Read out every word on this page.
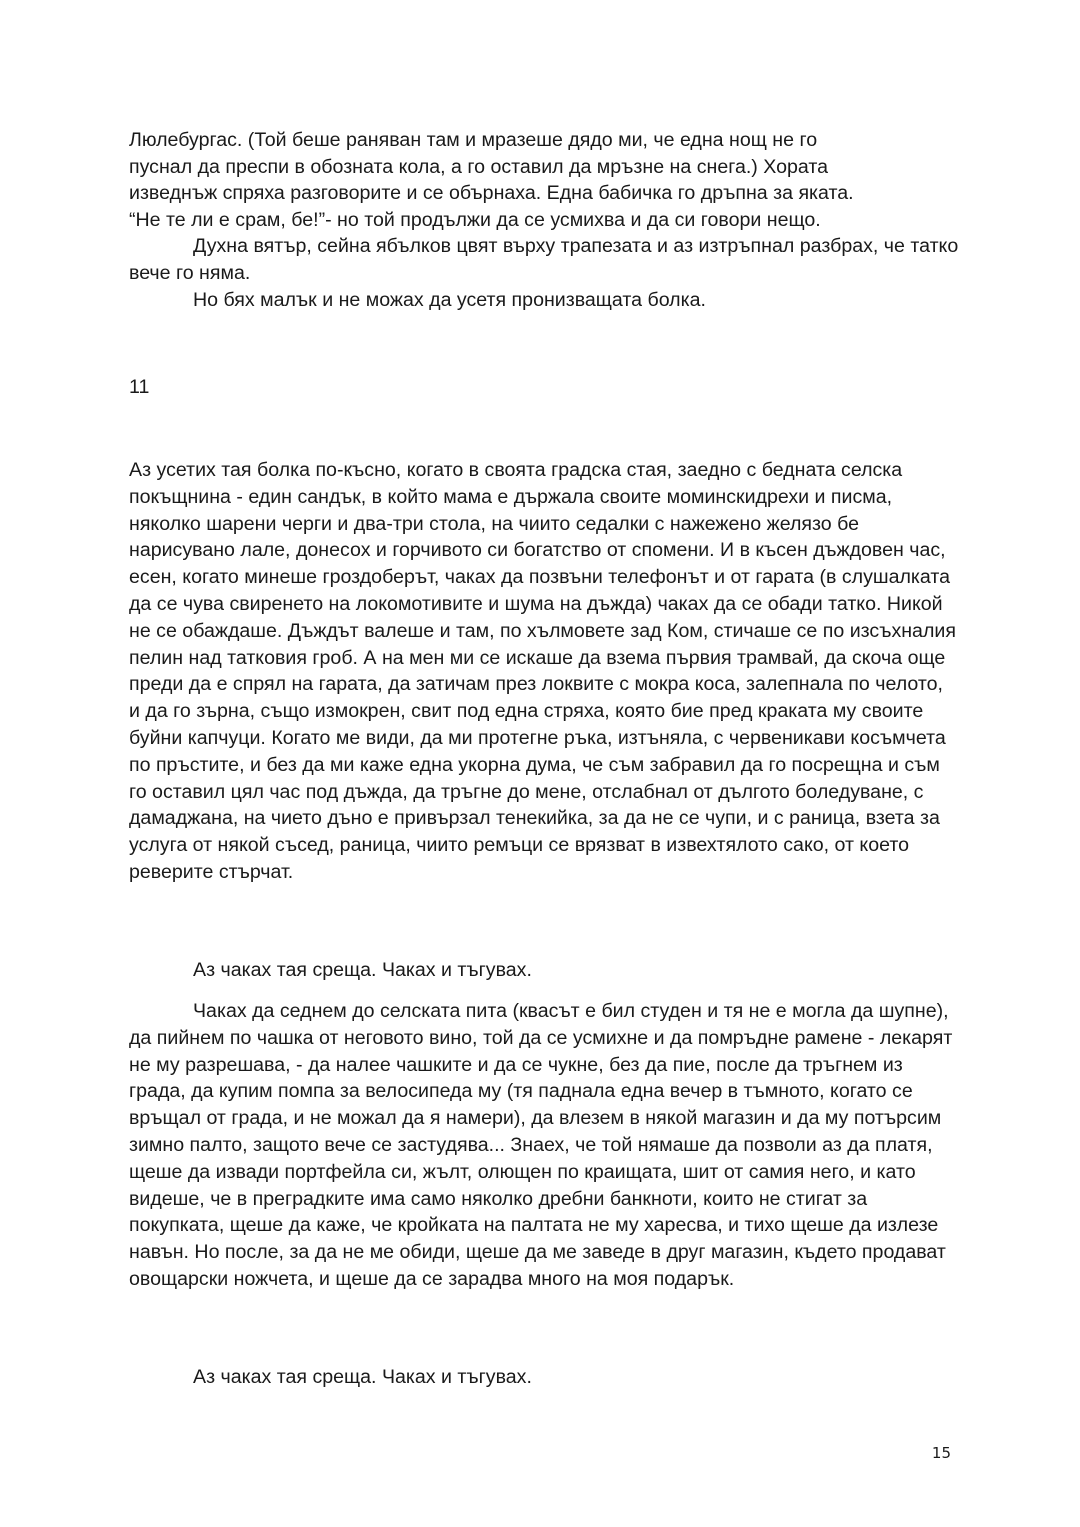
Люлебургас. (Той беше раняван там и мразеше дядо ми, че една нощ не го

пуснал да преспи в обозната кола, а го оставил да мръзне на снега.) Хората

изведнъж спряха разговорите и се обърнаха. Една бабичка го дръпна за яката.

“Не те ли е срам, бе!”- но той продължи да се усмихва и да си говори нещо.

Духна вятър, сейна ябълков цвят върху трапезата и аз изтръпнал разбрах, че татко вече го няма.

Но бях малък и не можах да усетя пронизващата болка.

11

Аз усетих тая болка по-късно, когато в своята градска стая, заедно с бедната селска покъщнина - един сандък, в който мама е държала своите моминскидрехи и писма, няколко шарени черги и два-три стола, на чиито седалки с нажежено желязо бе нарисувано лале, донесох и горчивото си богатство от спомени. И в късен дъждовен час, есен, когато минеше гроздоберът, чаках да позвъни телефонът и от гарата (в слушалката да се чува свиренето на локомотивите и шума на дъжда) чаках да се обади татко. Никой не се обаждаше. Дъждът валеше и там, по хълмовете зад Ком, стичаше се по изсъхналия пелин над татковия гроб. А на мен ми се искаше да взема първия трамвай, да скоча още преди да е спрял на гарата, да затичам през локвите с мокра коса, залепнала по челото, и да го зърна, също измокрен, свит под една стряха, която бие пред краката му своите буйни капчуци. Когато ме види, да ми протегне ръка, изтъняла, с червеникави косъмчета по пръстите, и без да ми каже една укорна дума, че съм забравил да го посрещна и съм го оставил цял час под дъжда, да тръгне до мене, отслабнал от дългото боледуване, с дамаджана, на чието дъно е привързал тенекийка, за да не се чупи, и с раница, взета за услуга от някой съсед, раница, чиито ремъци се врязват в извехтялото сако, от което реверите стърчат.

Аз чаках тая среща. Чаках и тъгувах.

Чаках да седнем до селската пита (квасът е бил студен и тя не е могла да шупне), да пийнем по чашка от неговото вино, той да се усмихне и да помръдне рамене - лекарят не му разрешава, - да налее чашките и да се чукне, без да пие, после да тръгнем из града, да купим помпа за велосипеда му (тя паднала една вечер в тъмното, когато се връщал от града, и не можал да я намери), да влезем в някой магазин и да му потърсим зимно палто, защото вече се застудява... Знаех, че той нямаше да позволи аз да платя, щеше да извади портфейла си, жълт, олющен по краищата, шит от самия него, и като видеше, че в преградките има само няколко дребни банкноти, които не стигат за покупката, щеше да каже, че кройката на палтата не му харесва, и тихо щеше да излезе навън. Но после, за да не ме обиди, щеше да ме заведе в друг магазин, където продават овощарски ножчета, и щеше да се зарадва много на моя подарък.

Аз чаках тая среща. Чаках и тъгувах.

15
